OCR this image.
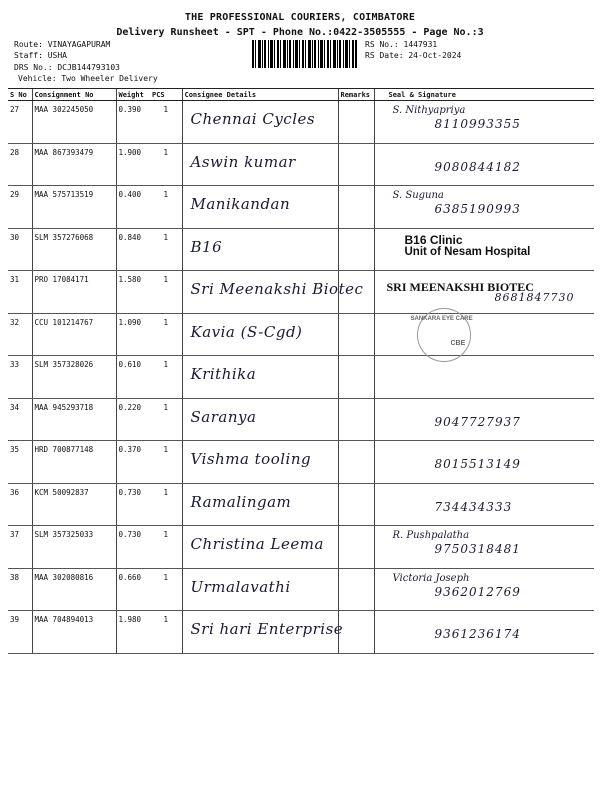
THE PROFESSIONAL COURIERS, COIMBATORE
Delivery Runsheet - SPT - Phone No.:0422-3505555 - Page No.:3
Route: VINAYAGAPURAM
Staff: USHA
DRS No.: DCJB144793103
Vehicle: Two Wheeler Delivery
RS No.: 1447931
RS Date: 24-Oct-2024
S No	Consignment No	Weight	PCS	Consignee Details	Remarks	Seal & Signature
27	MAA 302245050	0.390	1	Chennai Cycles		S. Nithyapriya
8110993355

28	MAA 867393479	1.900	1	Aswin kumar		9080844182

29	MAA 575713519	0.400	1	Manikandan		S. Suguna
6385190993

30	SLM 357276068	0.840	1	B16		B16 Clinic
Unit of Nesam Hospital

31	PRO 17084171	1.580	1	Sri Meenakshi Biotec		SRI MEENAKSHI BIOTEC
8681847730

32	CCU 101214767	1.090	1	Kavia (S-Cgd)		SANKARA EYE CARE
CBE

33	SLM 357328026	0.610	1	Krithika		

34	MAA 945293718	0.220	1	Saranya		9047727937

35	HRD 700877148	0.370	1	Vishma tooling		8015513149

36	KCM 50092837	0.730	1	Ramalingam		734434333

37	SLM 357325033	0.730	1	Christina Leema		R. Pushpalatha
9750318481

38	MAA 302080816	0.660	1	Urmalavathi		Victoria Joseph
9362012769

39	MAA 704894013	1.980	1	Sri hari Enterprise		9361236174
